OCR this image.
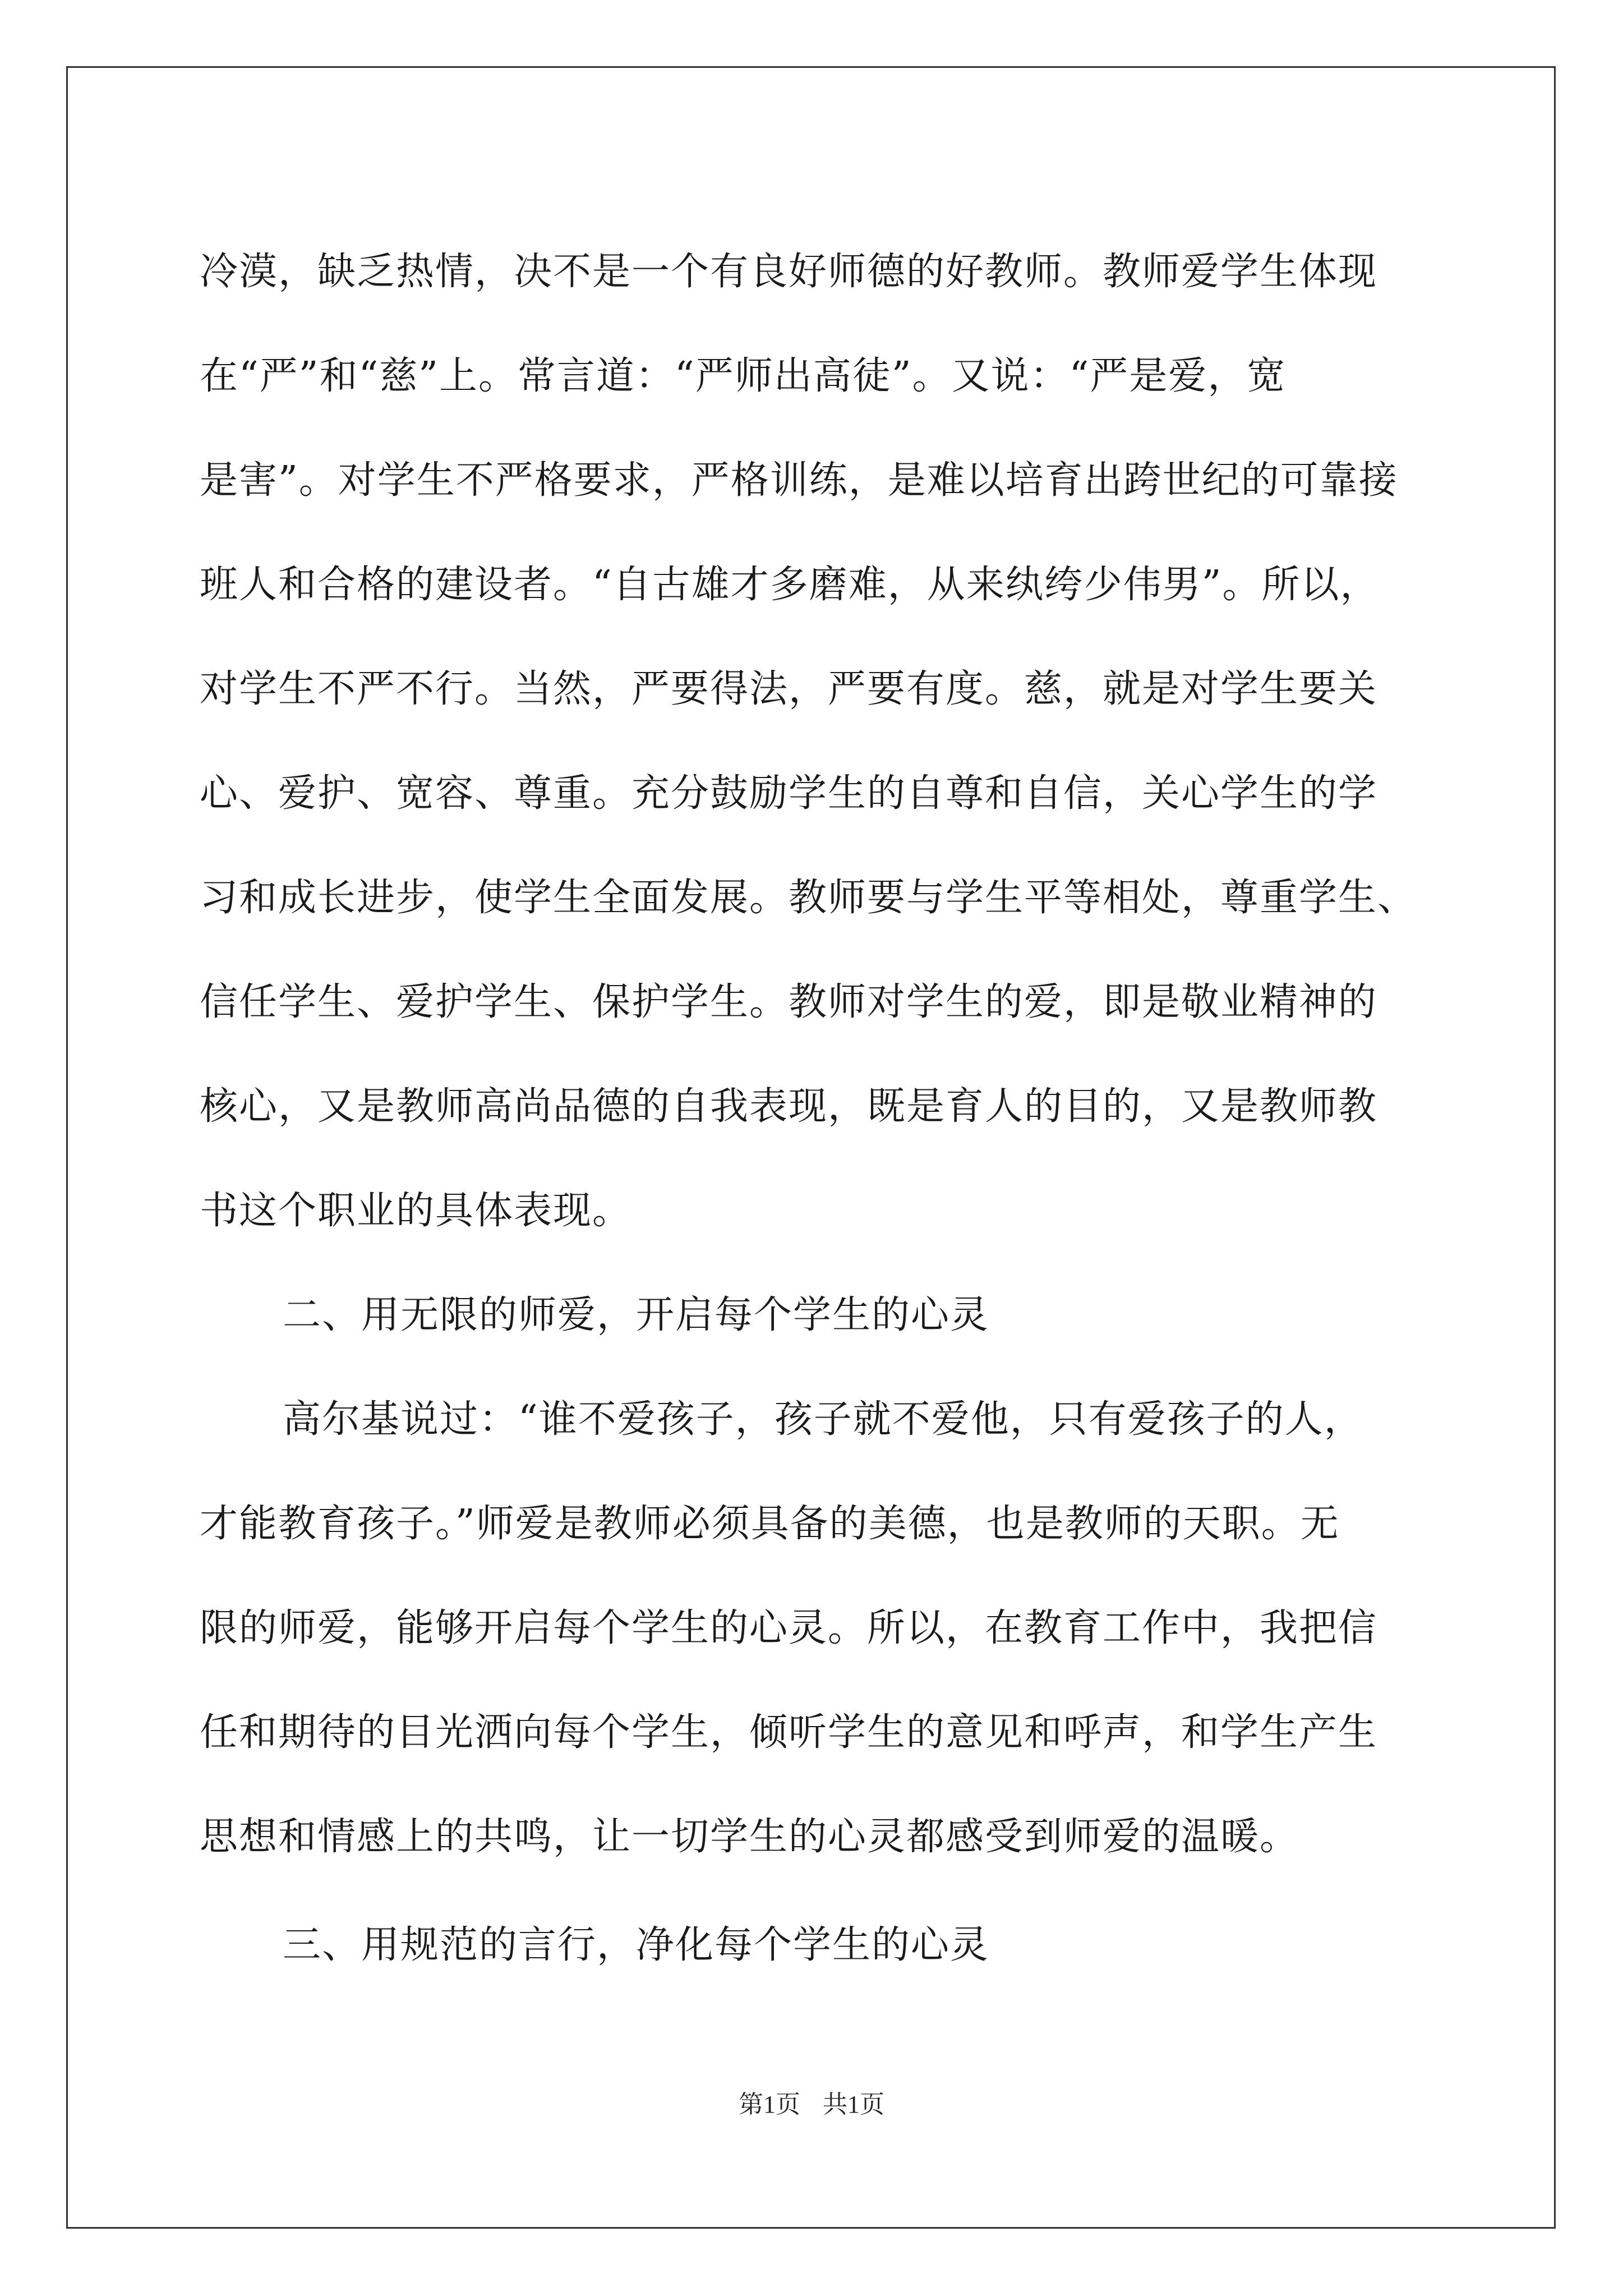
冷漠，缺乏热情，决不是一个有良好师德的好教师。教师爱学生体现
在“严”和“慈”上。常言道：“严师出高徒”。又说：“严是爱，宽
是害”。对学生不严格要求，严格训练，是难以培育出跨世纪的可靠接
班人和合格的建设者。“自古雄才多磨难，从来纨绔少伟男”。所以，
对学生不严不行。当然，严要得法，严要有度。慈，就是对学生要关
心、爱护、宽容、尊重。充分鼓励学生的自尊和自信，关心学生的学
习和成长进步，使学生全面发展。教师要与学生平等相处，尊重学生、
信任学生、爱护学生、保护学生。教师对学生的爱，即是敬业精神的
核心，又是教师高尚品德的自我表现，既是育人的目的，又是教师教
书这个职业的具体表现。
二、用无限的师爱，开启每个学生的心灵
高尔基说过：“谁不爱孩子，孩子就不爱他，只有爱孩子的人，
才能教育孩子。”师爱是教师必须具备的美德，也是教师的天职。无
限的师爱，能够开启每个学生的心灵。所以，在教育工作中，我把信
任和期待的目光洒向每个学生，倾听学生的意见和呼声，和学生产生
思想和情感上的共鸣，让一切学生的心灵都感受到师爱的温暖。
三、用规范的言行，净化每个学生的心灵
第1页 共1页
